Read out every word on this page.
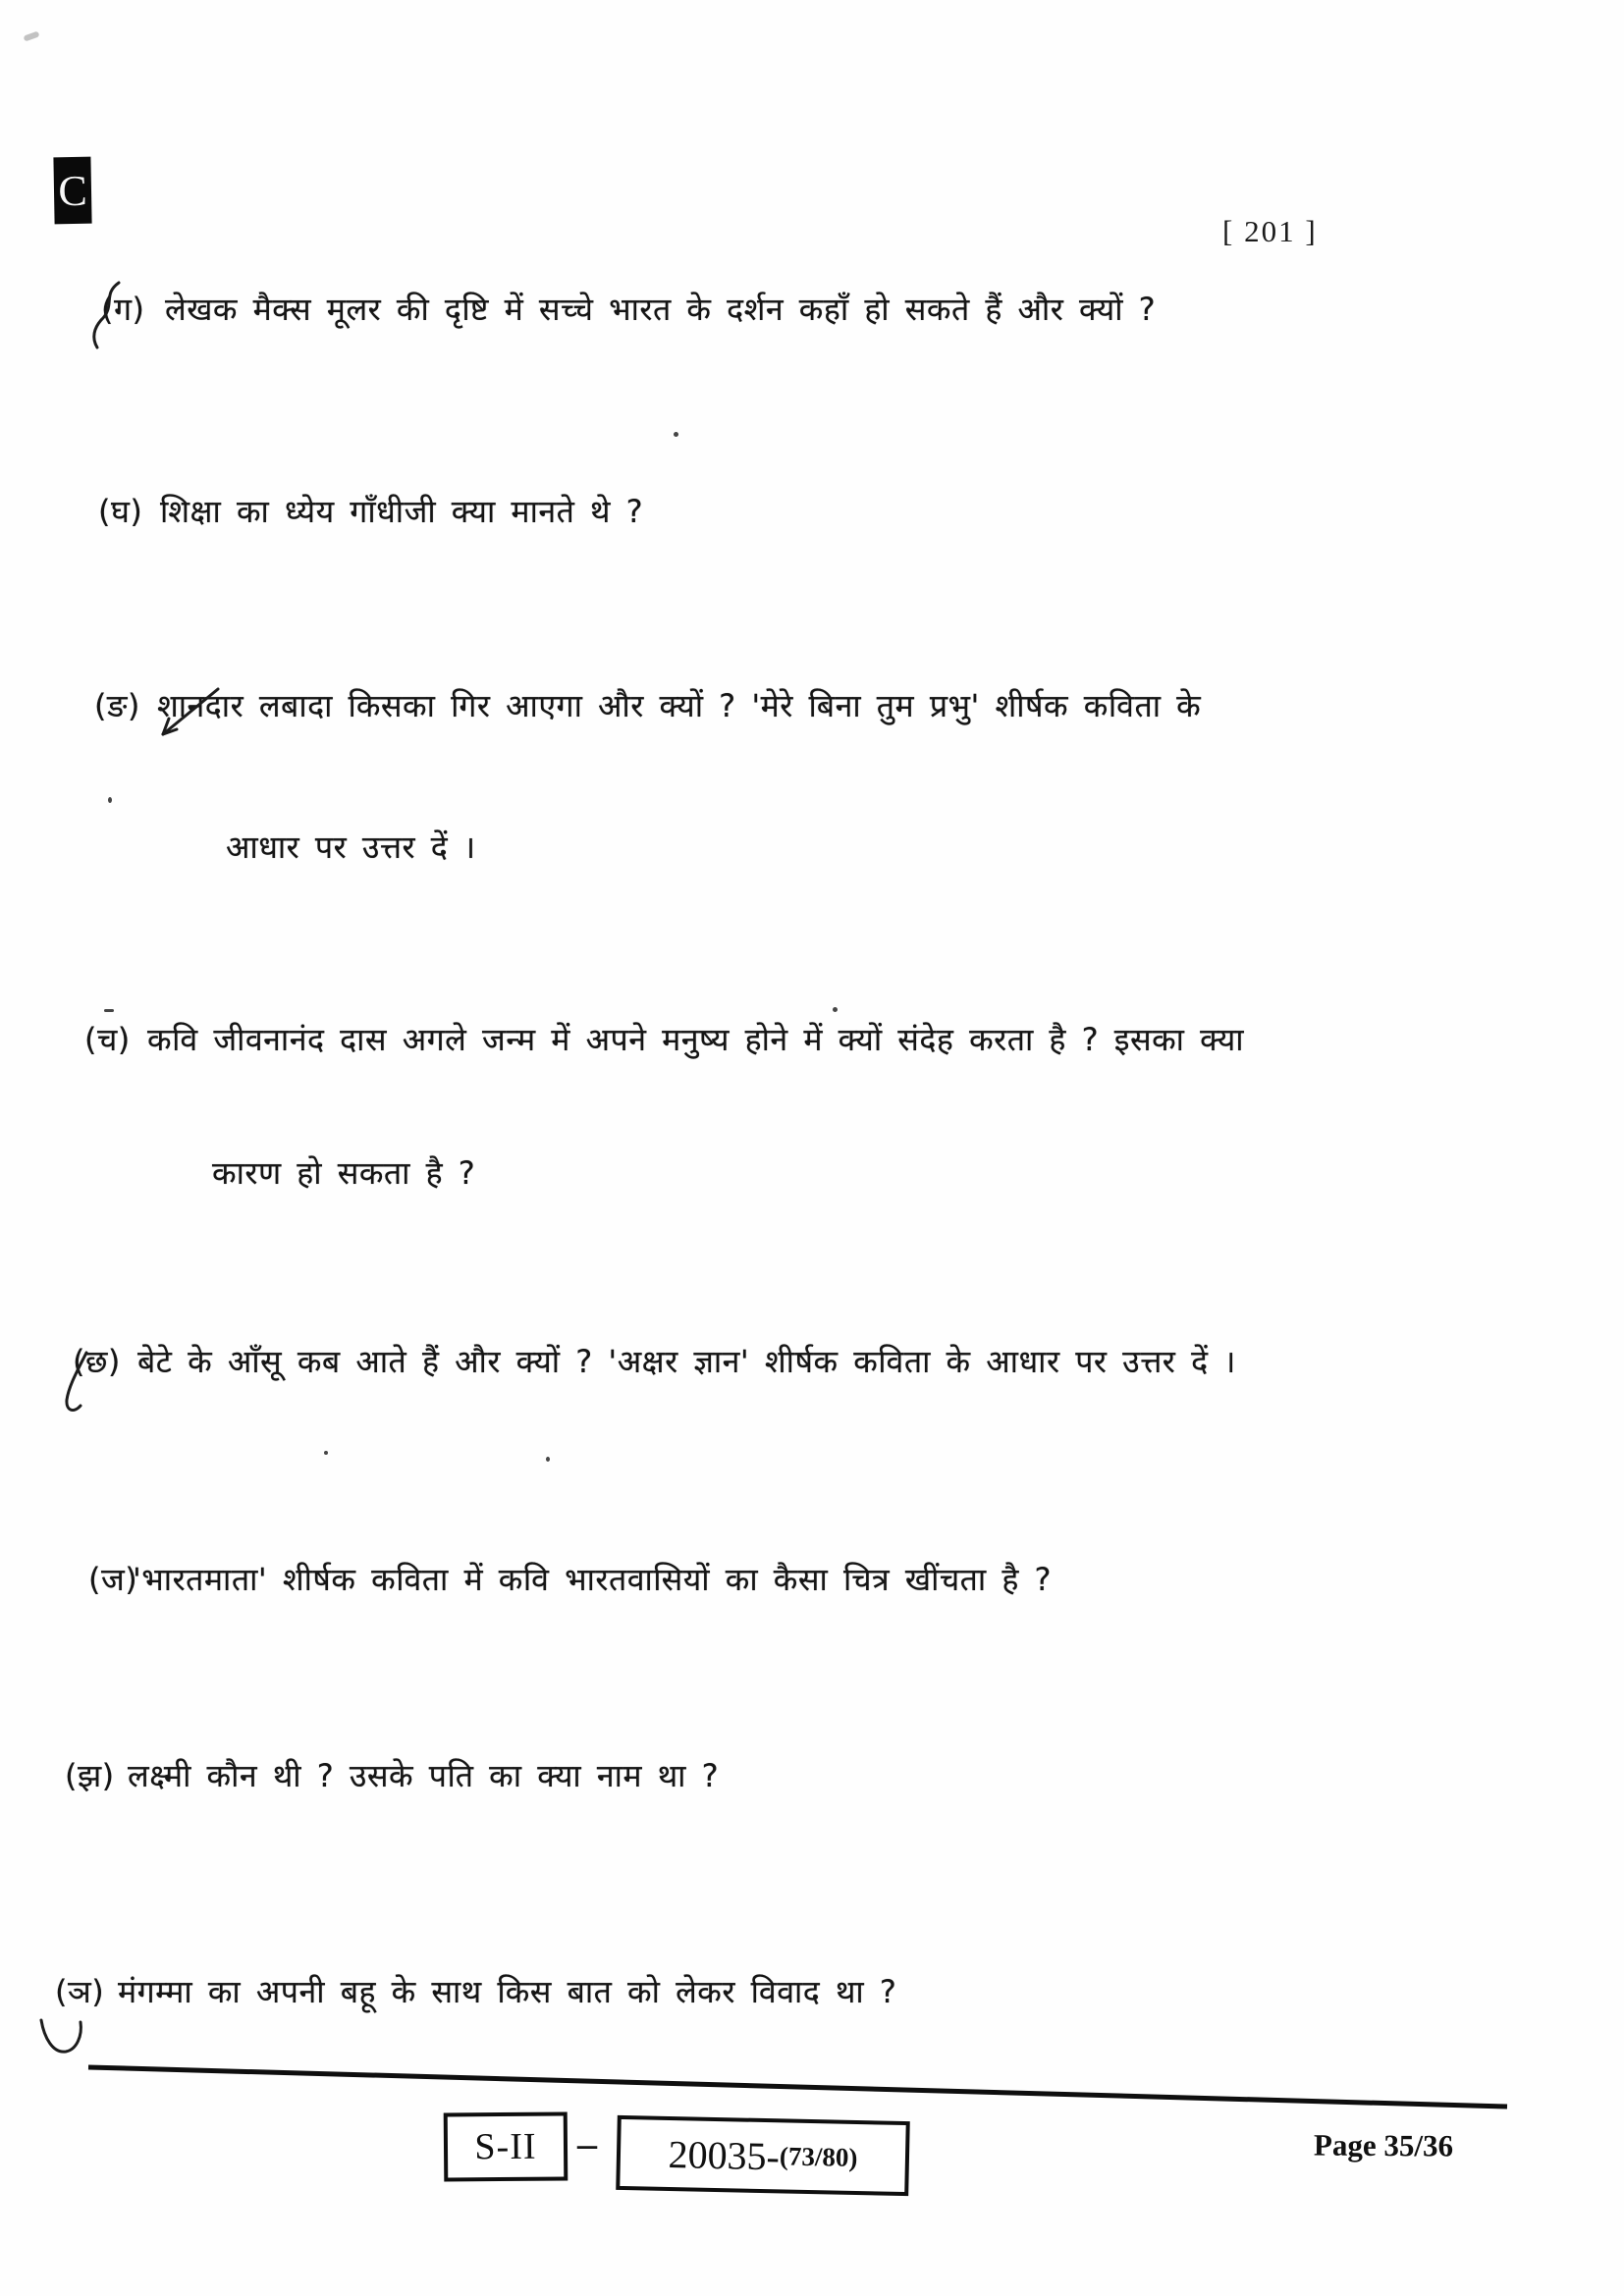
C
[ 201 ]
(ग) लेखक मैक्स मूलर की दृष्टि में सच्चे भारत के दर्शन कहाँ हो सकते हैं और क्यों ?
(घ) शिक्षा का ध्येय गाँधीजी क्या मानते थे ?
(ङ) शानदार लबादा किसका गिर आएगा और क्यों ? 'मेरे बिना तुम प्रभु' शीर्षक कविता के
आधार पर उत्तर दें ।
(च) कवि जीवनानंद दास अगले जन्म में अपने मनुष्य होने में क्यों संदेह करता है ? इसका क्या
कारण हो सकता है ?
(छ) बेटे के आँसू कब आते हैं और क्यों ? 'अक्षर ज्ञान' शीर्षक कविता के आधार पर उत्तर दें ।
(ज)
'भारतमाता' शीर्षक कविता में कवि भारतवासियों का कैसा चित्र खींचता है ?
(झ) लक्ष्मी कौन थी ? उसके पति का क्या नाम था ?
(ञ) मंगम्मा का अपनी बहू के साथ किस बात को लेकर विवाद था ?
S-II – 20035- (73/80)	Page 35/36
